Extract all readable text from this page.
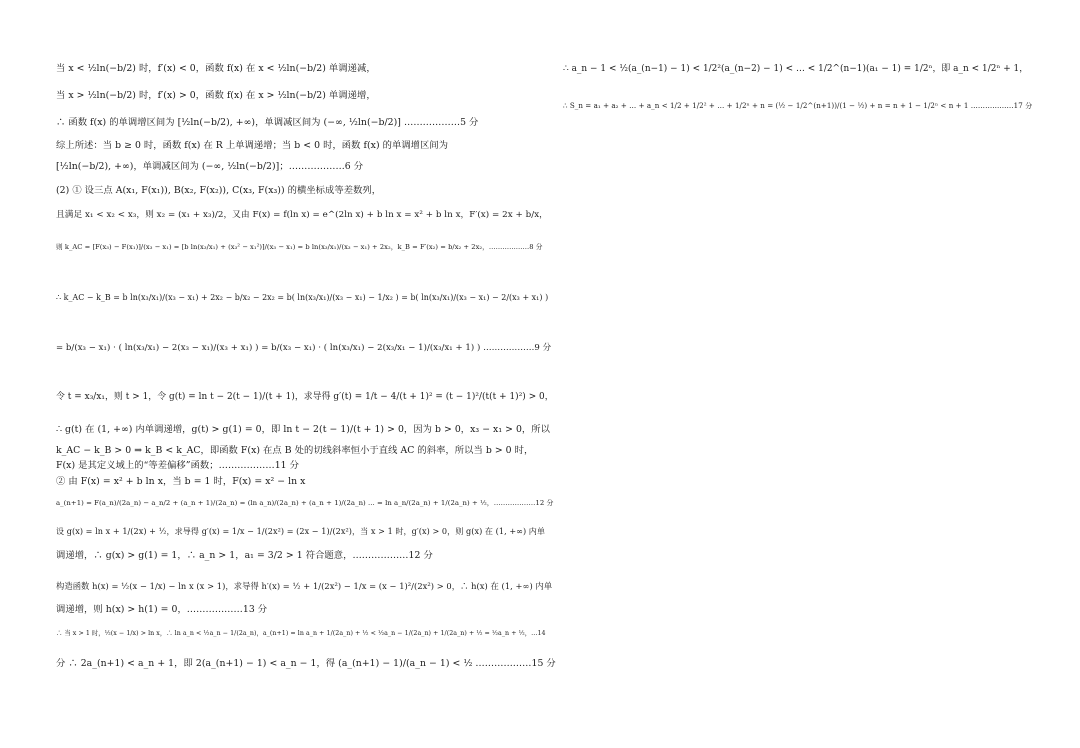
当 x < ½ln(−b/2) 时，f′(x) < 0，函数 f(x) 在 x < ½ln(−b/2) 单调递减，
当 x > ½ln(−b/2) 时，f′(x) > 0，函数 f(x) 在 x > ½ln(−b/2) 单调递增，
∴ 函数 f(x) 的单调增区间为 [½ln(−b/2), +∞)，单调减区间为 (−∞, ½ln(−b/2)] ………………5 分
综上所述：当 b ≥ 0 时，函数 f(x) 在 R 上单调递增；当 b < 0 时，函数 f(x) 的单调增区间为
[½ln(−b/2), +∞)，单调减区间为 (−∞, ½ln(−b/2)]；………………6 分
(2) ① 设三点 A(x₁, F(x₁)), B(x₂, F(x₂)), C(x₃, F(x₃)) 的横坐标成等差数列，
且满足 x₁ < x₂ < x₃，则 x₂ = (x₁ + x₃)/2，又由 F(x) = f(ln x) = e^(2ln x) + b ln x = x² + b ln x，F′(x) = 2x + b/x，
则 k_AC = [F(x₃) − F(x₁)]/(x₃ − x₁) = [b ln(x₃/x₁) + (x₃² − x₁²)]/(x₃ − x₁) = b ln(x₃/x₁)/(x₃ − x₁) + 2x₂，k_B = F′(x₂) = b/x₂ + 2x₂，………………8 分
∴ k_AC − k_B = b ln(x₃/x₁)/(x₃ − x₁) + 2x₂ − b/x₂ − 2x₂ = b( ln(x₃/x₁)/(x₃ − x₁) − 1/x₂ ) = b( ln(x₃/x₁)/(x₃ − x₁) − 2/(x₃ + x₁) )
= b/(x₃ − x₁) · ( ln(x₃/x₁) − 2(x₃ − x₁)/(x₃ + x₁) ) = b/(x₃ − x₁) · ( ln(x₃/x₁) − 2(x₃/x₁ − 1)/(x₃/x₁ + 1) ) ………………9 分
令 t = x₃/x₁，则 t > 1，令 g(t) = ln t − 2(t − 1)/(t + 1)，求导得 g′(t) = 1/t − 4/(t + 1)² = (t − 1)²/(t(t + 1)²) > 0，
∴ g(t) 在 (1, +∞) 内单调递增，g(t) > g(1) = 0，即 ln t − 2(t − 1)/(t + 1) > 0，因为 b > 0，x₃ − x₁ > 0，所以
k_AC − k_B > 0 ⇒ k_B < k_AC，即函数 F(x) 在点 B 处的切线斜率恒小于直线 AC 的斜率，所以当 b > 0 时，
F(x) 是其定义域上的“等差偏移”函数；………………11 分
② 由 F(x) = x² + b ln x，当 b = 1 时，F(x) = x² − ln x
a_(n+1) = F(a_n)/(2a_n) − a_n/2 + (a_n + 1)/(2a_n) = (ln a_n)/(2a_n) + (a_n + 1)/(2a_n) ... = ln a_n/(2a_n) + 1/(2a_n) + ½，………………12 分
设 g(x) = ln x + 1/(2x) + ½，求导得 g′(x) = 1/x − 1/(2x²) = (2x − 1)/(2x²)，当 x > 1 时，g′(x) > 0，则 g(x) 在 (1, +∞) 内单
调递增，∴ g(x) > g(1) = 1，∴ a_n > 1，a₁ = 3/2 > 1 符合题意，………………12 分
构造函数 h(x) = ½(x − 1/x) − ln x (x > 1)，求导得 h′(x) = ½ + 1/(2x²) − 1/x = (x − 1)²/(2x²) > 0，∴ h(x) 在 (1, +∞) 内单
调递增，则 h(x) > h(1) = 0，………………13 分
∴ 当 x > 1 时，½(x − 1/x) > ln x，∴ ln a_n < ½a_n − 1/(2a_n)，a_(n+1) = ln a_n + 1/(2a_n) + ½ < ½a_n − 1/(2a_n) + 1/(2a_n) + ½ = ½a_n + ½，…14
分 ∴ 2a_(n+1) < a_n + 1，即 2(a_(n+1) − 1) < a_n − 1，得 (a_(n+1) − 1)/(a_n − 1) < ½ ………………15 分
∴ a_n − 1 < ½(a_(n−1) − 1) < 1/2²(a_(n−2) − 1) < … < 1/2^(n−1)(a₁ − 1) = 1/2ⁿ，即 a_n < 1/2ⁿ + 1，
∴ S_n = a₁ + a₂ + … + a_n < 1/2 + 1/2² + … + 1/2ⁿ + n = (½ − 1/2^(n+1))/(1 − ½) + n = n + 1 − 1/2ⁿ < n + 1 ………………17 分
